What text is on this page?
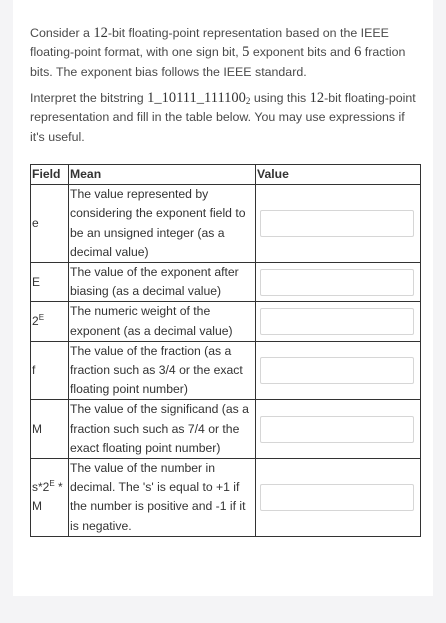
Consider a 12-bit floating-point representation based on the IEEE floating-point format, with one sign bit, 5 exponent bits and 6 fraction bits. The exponent bias follows the IEEE standard.

Interpret the bitstring $1\_10111\_111100_2$ using this 12-bit floating-point representation and fill in the table below. You may use expressions if it's useful.

Field	Mean	Value
e	The value represented by considering the exponent field to be an unsigned integer (as a decimal value)	

E	The value of the exponent after biasing (as a decimal value)	

$2^E$	The numeric weight of the exponent (as a decimal value)	

f	The value of the fraction (as a fraction such as 3/4 or the exact floating point number)	

M	The value of the significand (as a fraction such such as 7/4 or the exact floating point number)	

$s*2^E$ * M	The value of the number in decimal. The 's' is equal to +1 if the number is positive and -1 if it is negative.	
